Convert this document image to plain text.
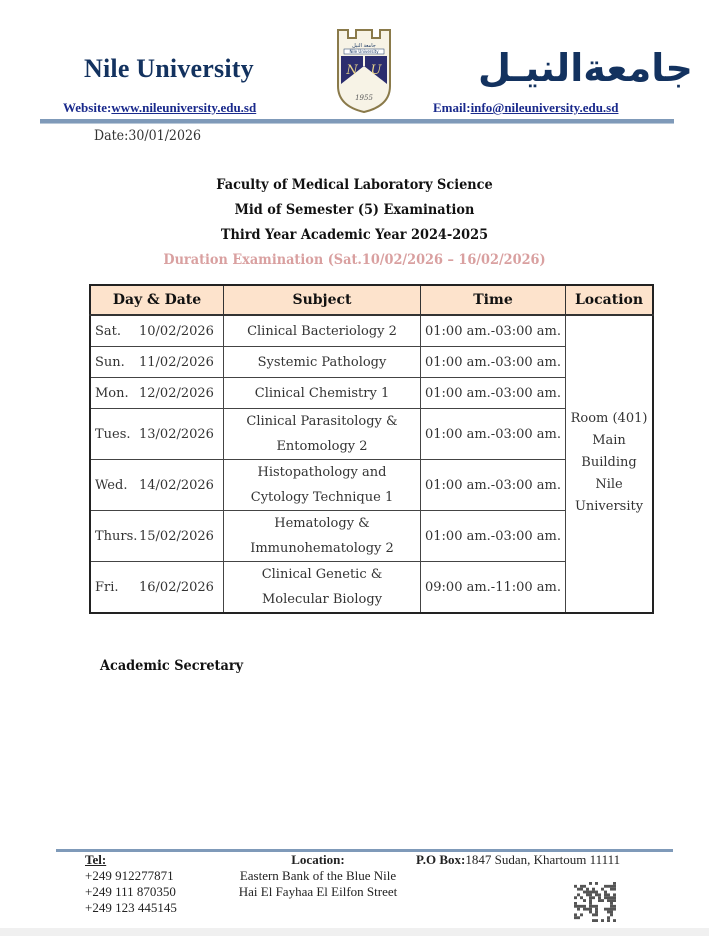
Nile University
جامعة النيل
Nile University
N U
1955
جامعةالنيـل
Website:www.nileuniversity.edu.sd	Email:info@nileuniversity.edu.sd
Date:30/01/2026
Faculty of Medical Laboratory Science
Mid of Semester (5) Examination
Third Year Academic Year 2024-2025
Duration Examination (Sat.10/02/2026 – 16/02/2026)
Day & Date	Subject	Time	Location
Sat. 10/02/2026	Clinical Bacteriology 2	01:00 am.-03:00 am.	Room (401)
Main
Building Nile
University

Sun. 11/02/2026	Systemic Pathology	01:00 am.-03:00 am.	
Mon. 12/02/2026	Clinical Chemistry 1	01:00 am.-03:00 am.	
Tues. 13/02/2026	Clinical Parasitology & Entomology 2	01:00 am.-03:00 am.	
Wed. 14/02/2026	Histopathology and Cytology Technique 1	01:00 am.-03:00 am.	
Thurs. 15/02/2026	Hematology & Immunohematology 2	01:00 am.-03:00 am.	
Fri. 16/02/2026	Clinical Genetic & Molecular Biology	09:00 am.-11:00 am.	
Academic Secretary
Tel:
+249 912277871
+249 111 870350
+249 123 445145
Location:
Eastern Bank of the Blue Nile
Hai El Fayhaa El Eilfon Street
P.O Box:1847 Sudan, Khartoum 11111
